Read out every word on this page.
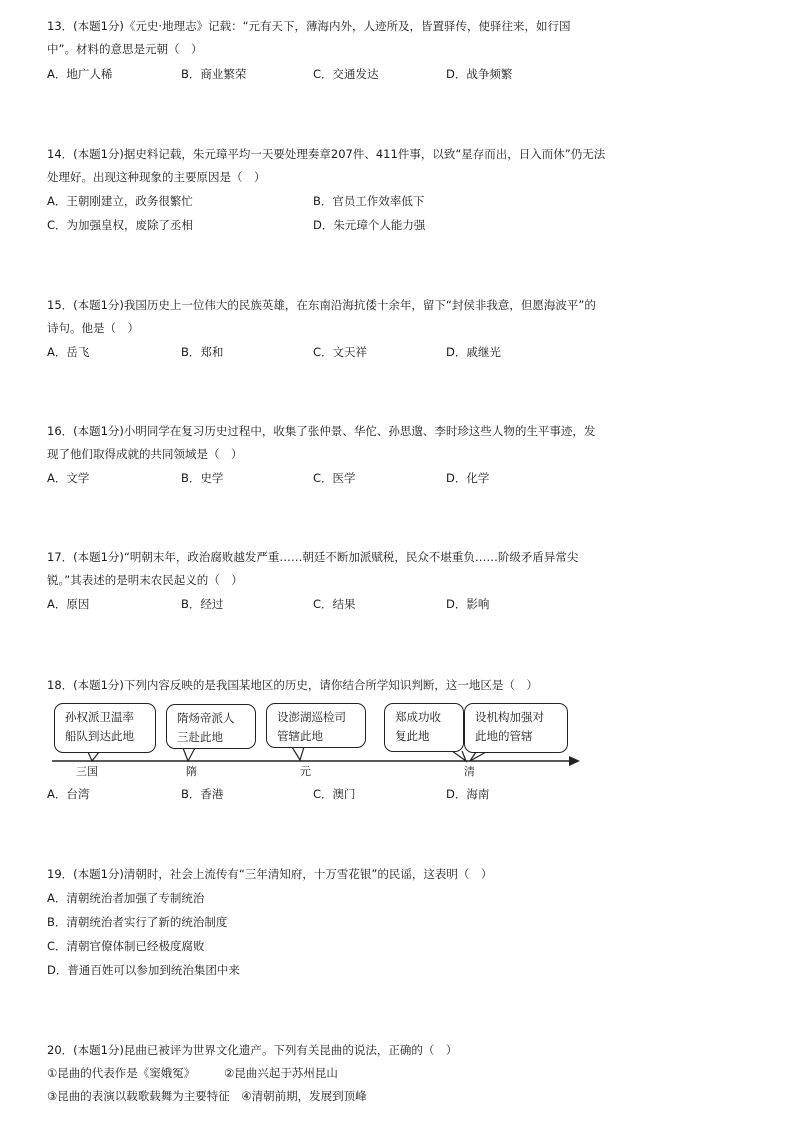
13．(本题1分)《元史·地理志》记载：“元有天下，薄海内外，人迹所及，皆置驿传，使驿往来，如行国
中”。材料的意思是元朝（　）
A．地广人稀	B．商业繁荣	C．交通发达	D．战争频繁
14．(本题1分)据史料记载，朱元璋平均一天要处理奏章207件、411件事，以致“星存而出，日入而休”仍无法
处理好。出现这种现象的主要原因是（　）
A．王朝刚建立，政务很繁忙	B．官员工作效率低下
C．为加强皇权，废除了丞相	D．朱元璋个人能力强
15．(本题1分)我国历史上一位伟大的民族英雄，在东南沿海抗倭十余年，留下“封侯非我意，但愿海波平”的
诗句。他是（　）
A．岳飞	B．郑和	C．文天祥	D．戚继光
16．(本题1分)小明同学在复习历史过程中，收集了张仲景、华佗、孙思邈、李时珍这些人物的生平事迹，发
现了他们取得成就的共同领域是（　）
A．文学	B．史学	C．医学	D．化学
17．(本题1分)“明朝末年，政治腐败越发严重……朝廷不断加派赋税，民众不堪重负……阶级矛盾异常尖
锐。”其表述的是明末农民起义的（　）
A．原因	B．经过	C．结果	D．影响
18．(本题1分)下列内容反映的是我国某地区的历史，请你结合所学知识判断，这一地区是（　）
孙权派卫温率
船队到达此地
隋炀帝派人
三赴此地
设澎湖巡检司
管辖此地
郑成功收
复此地
设机构加强对
此地的管辖
三国	隋	元	清
A．台湾	B．香港	C．澳门	D．海南
19．(本题1分)清朝时，社会上流传有“三年清知府，十万雪花银”的民谣，这表明（　）
A．清朝统治者加强了专制统治
B．清朝统治者实行了新的统治制度
C．清朝官僚体制已经极度腐败
D．普通百姓可以参加到统治集团中来
20．(本题1分)昆曲已被评为世界文化遗产。下列有关昆曲的说法，正确的（　）
①昆曲的代表作是《窦娥冤》　　　②昆曲兴起于苏州昆山
③昆曲的表演以载歌载舞为主要特征　④清朝前期，发展到顶峰
